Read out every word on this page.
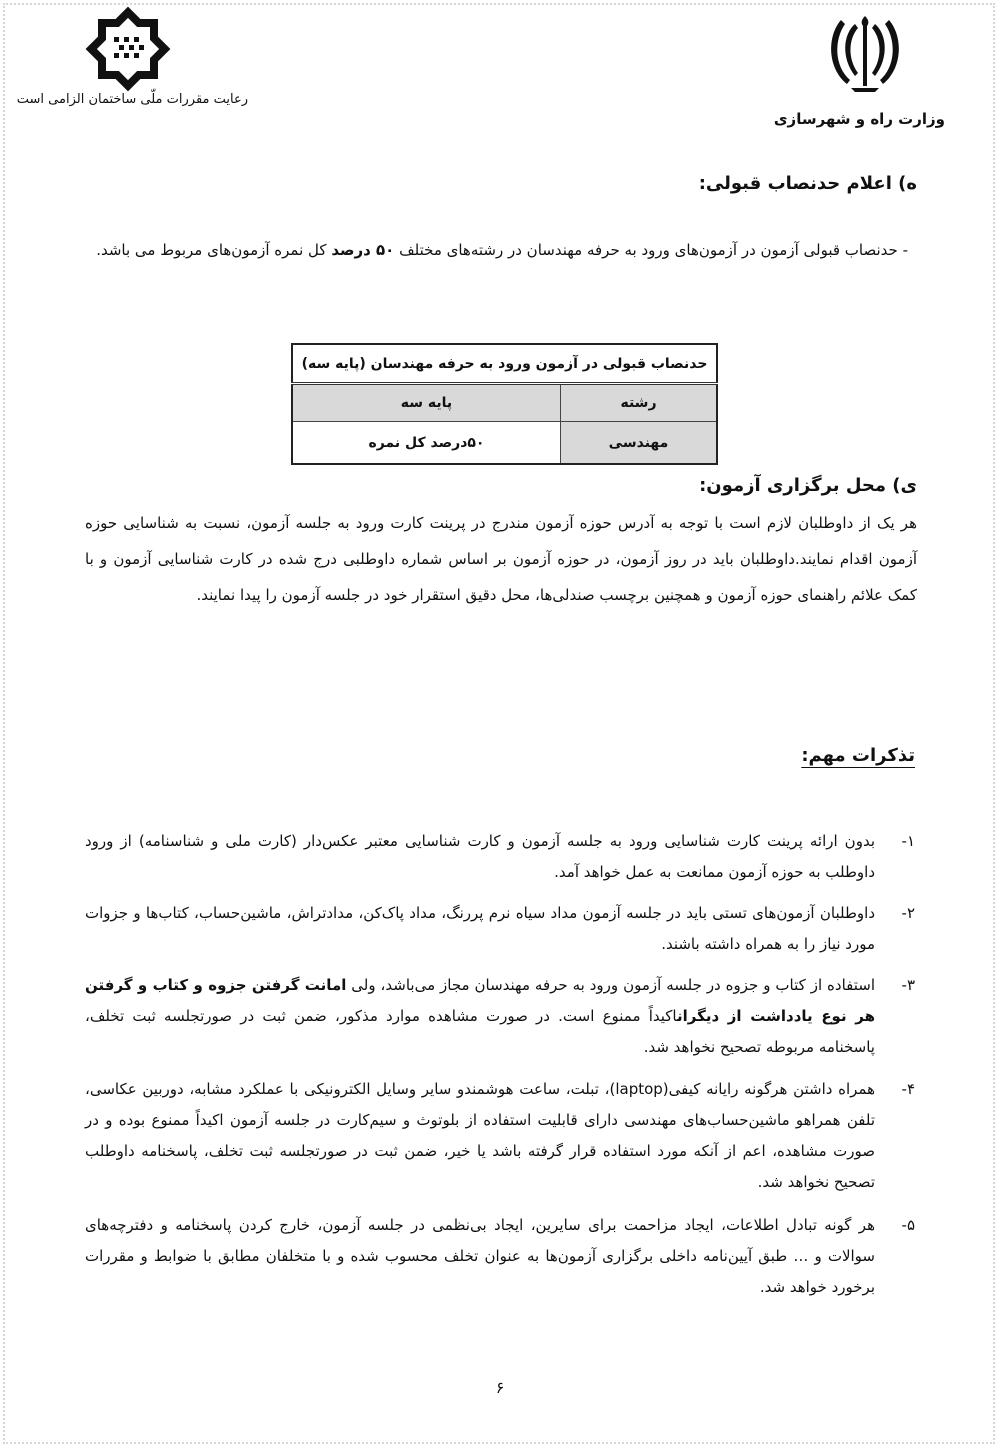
وزارت راه و شهرسازی
رعایت مقررات ملّی ساختمان الزامی است
ه) اعلام حدنصاب قبولی:
- حدنصاب قبولی آزمون در آزمون‌های ورود به حرفه مهندسان در رشته‌های مختلف ۵۰ درصد کل نمره آزمون‌های مربوط می باشد.
حدنصاب قبولی در آزمون ورود به حرفه مهندسان (پایه سه)	
رشته	پایه سه
مهندسی	۵۰درصد کل نمره
ی) محل برگزاری آزمون:
هر یک از داوطلبان لازم است با توجه به آدرس حوزه آزمون مندرج در پرینت کارت ورود به جلسه آزمون، نسبت به شناسایی حوزه آزمون اقدام نمایند.داوطلبان باید در روز آزمون، در حوزه آزمون بر اساس شماره داوطلبی درج شده در کارت شناسایی آزمون و با کمک علائم راهنمای حوزه آزمون و همچنین برچسب صندلی‌ها، محل دقیق استقرار خود در جلسه آزمون را پیدا نمایند.
تذکرات مهم:
۱-
بدون ارائه پرینت کارت شناسایی ورود به جلسه آزمون و کارت شناسایی معتبر عکس‌دار (کارت ملی و شناسنامه) از ورود داوطلب به حوزه آزمون ممانعت به عمل خواهد آمد.
۲-
داوطلبان آزمون‌های تستی باید در جلسه آزمون مداد سیاه نرم پررنگ، مداد پاک‌کن، مدادتراش، ماشین‌حساب، کتاب‌ها و جزوات مورد نیاز را به همراه داشته باشند.
۳-
استفاده از کتاب و جزوه در جلسه آزمون ورود به حرفه مهندسان مجاز می‌باشد، ولی امانت گرفتن جزوه و کتاب و گرفتن هر نوع یادداشت از دیگراناکیداً ممنوع است. در صورت مشاهده موارد مذکور، ضمن ثبت در صورتجلسه ثبت تخلف، پاسخنامه مربوطه تصحیح نخواهد شد.
۴-
همراه داشتن هرگونه رایانه کیفی(laptop)، تبلت، ساعت هوشمندو سایر وسایل الکترونیکی با عملکرد مشابه، دوربین عکاسی، تلفن همراهو ماشین‌حساب‌های مهندسی دارای قابلیت استفاده از بلوتوث و سیم‌کارت در جلسه آزمون اکیداً ممنوع بوده و در صورت مشاهده، اعم از آنکه مورد استفاده قرار گرفته باشد یا خیر، ضمن ثبت در صورتجلسه ثبت تخلف، پاسخنامه داوطلب تصحیح نخواهد شد.
۵-
هر گونه تبادل اطلاعات، ایجاد مزاحمت برای سایرین، ایجاد بی‌نظمی در جلسه آزمون، خارج کردن پاسخنامه و دفترچه‌های سوالات و … طبق آیین‌نامه داخلی برگزاری آزمون‌ها به عنوان تخلف محسوب شده و با متخلفان مطابق با ضوابط و مقررات برخورد خواهد شد.
۶
